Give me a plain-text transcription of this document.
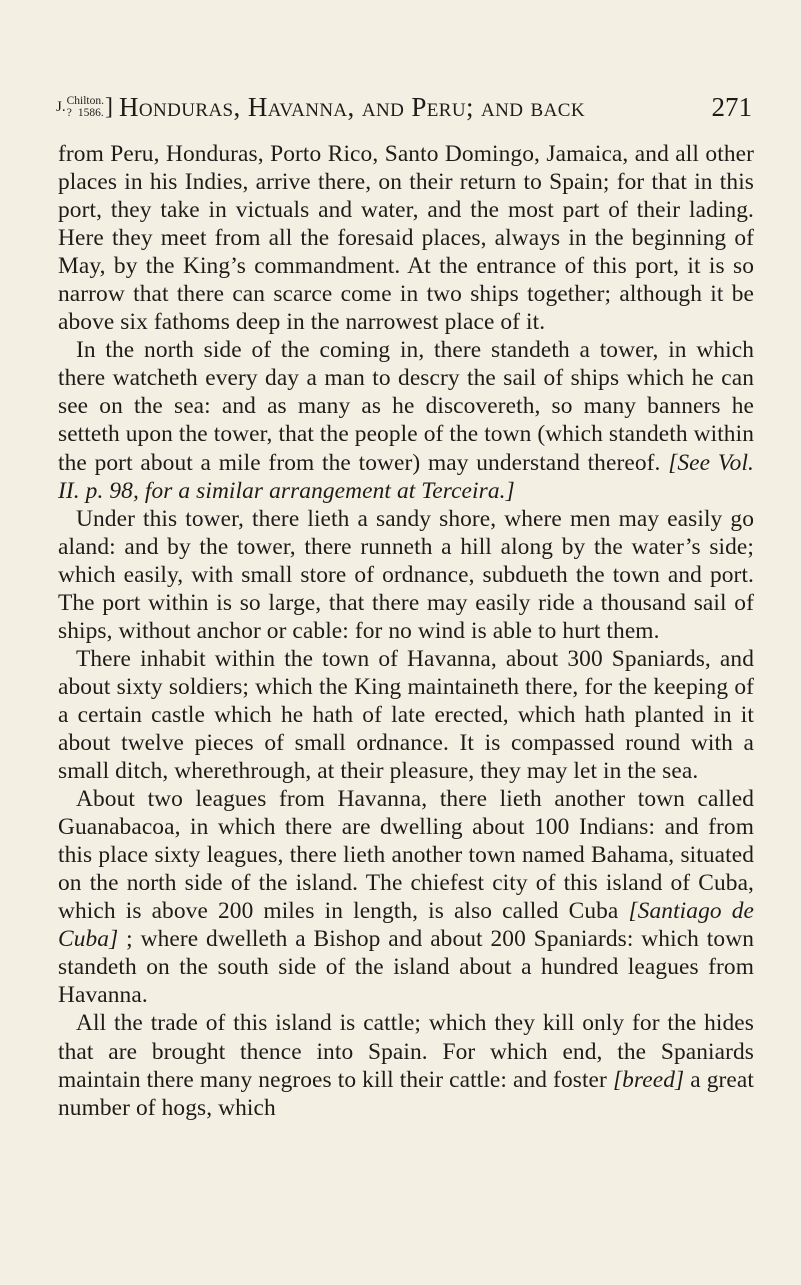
J. Chilton.
? 1586. ] Honduras, Havanna, and Peru; and back	271

from Peru, Honduras, Porto Rico, Santo Domingo, Jamaica, and all other places in his Indies, arrive there, on their return to Spain; for that in this port, they take in victuals and water, and the most part of their lading. Here they meet from all the foresaid places, always in the beginning of May, by the King’s commandment. At the entrance of this port, it is so narrow that there can scarce come in two ships together; although it be above six fathoms deep in the narrowest place of it.

In the north side of the coming in, there standeth a tower, in which there watcheth every day a man to descry the sail of ships which he can see on the sea: and as many as he discovereth, so many banners he setteth upon the tower, that the people of the town (which standeth within the port about a mile from the tower) may understand thereof. [See Vol. II. p. 98, for a similar arrangement at Terceira.]

Under this tower, there lieth a sandy shore, where men may easily go aland: and by the tower, there runneth a hill along by the water’s side; which easily, with small store of ordnance, subdueth the town and port. The port within is so large, that there may easily ride a thousand sail of ships, without anchor or cable: for no wind is able to hurt them.

There inhabit within the town of Havanna, about 300 Spaniards, and about sixty soldiers; which the King maintaineth there, for the keeping of a certain castle which he hath of late erected, which hath planted in it about twelve pieces of small ordnance. It is compassed round with a small ditch, wherethrough, at their pleasure, they may let in the sea.

About two leagues from Havanna, there lieth another town called Guanabacoa, in which there are dwelling about 100 Indians: and from this place sixty leagues, there lieth another town named Bahama, situated on the north side of the island. The chiefest city of this island of Cuba, which is above 200 miles in length, is also called Cuba [Santiago de Cuba] ; where dwelleth a Bishop and about 200 Spaniards: which town standeth on the south side of the island about a hundred leagues from Havanna.

All the trade of this island is cattle; which they kill only for the hides that are brought thence into Spain. For which end, the Spaniards maintain there many negroes to kill their cattle: and foster [breed] a great number of hogs, which
